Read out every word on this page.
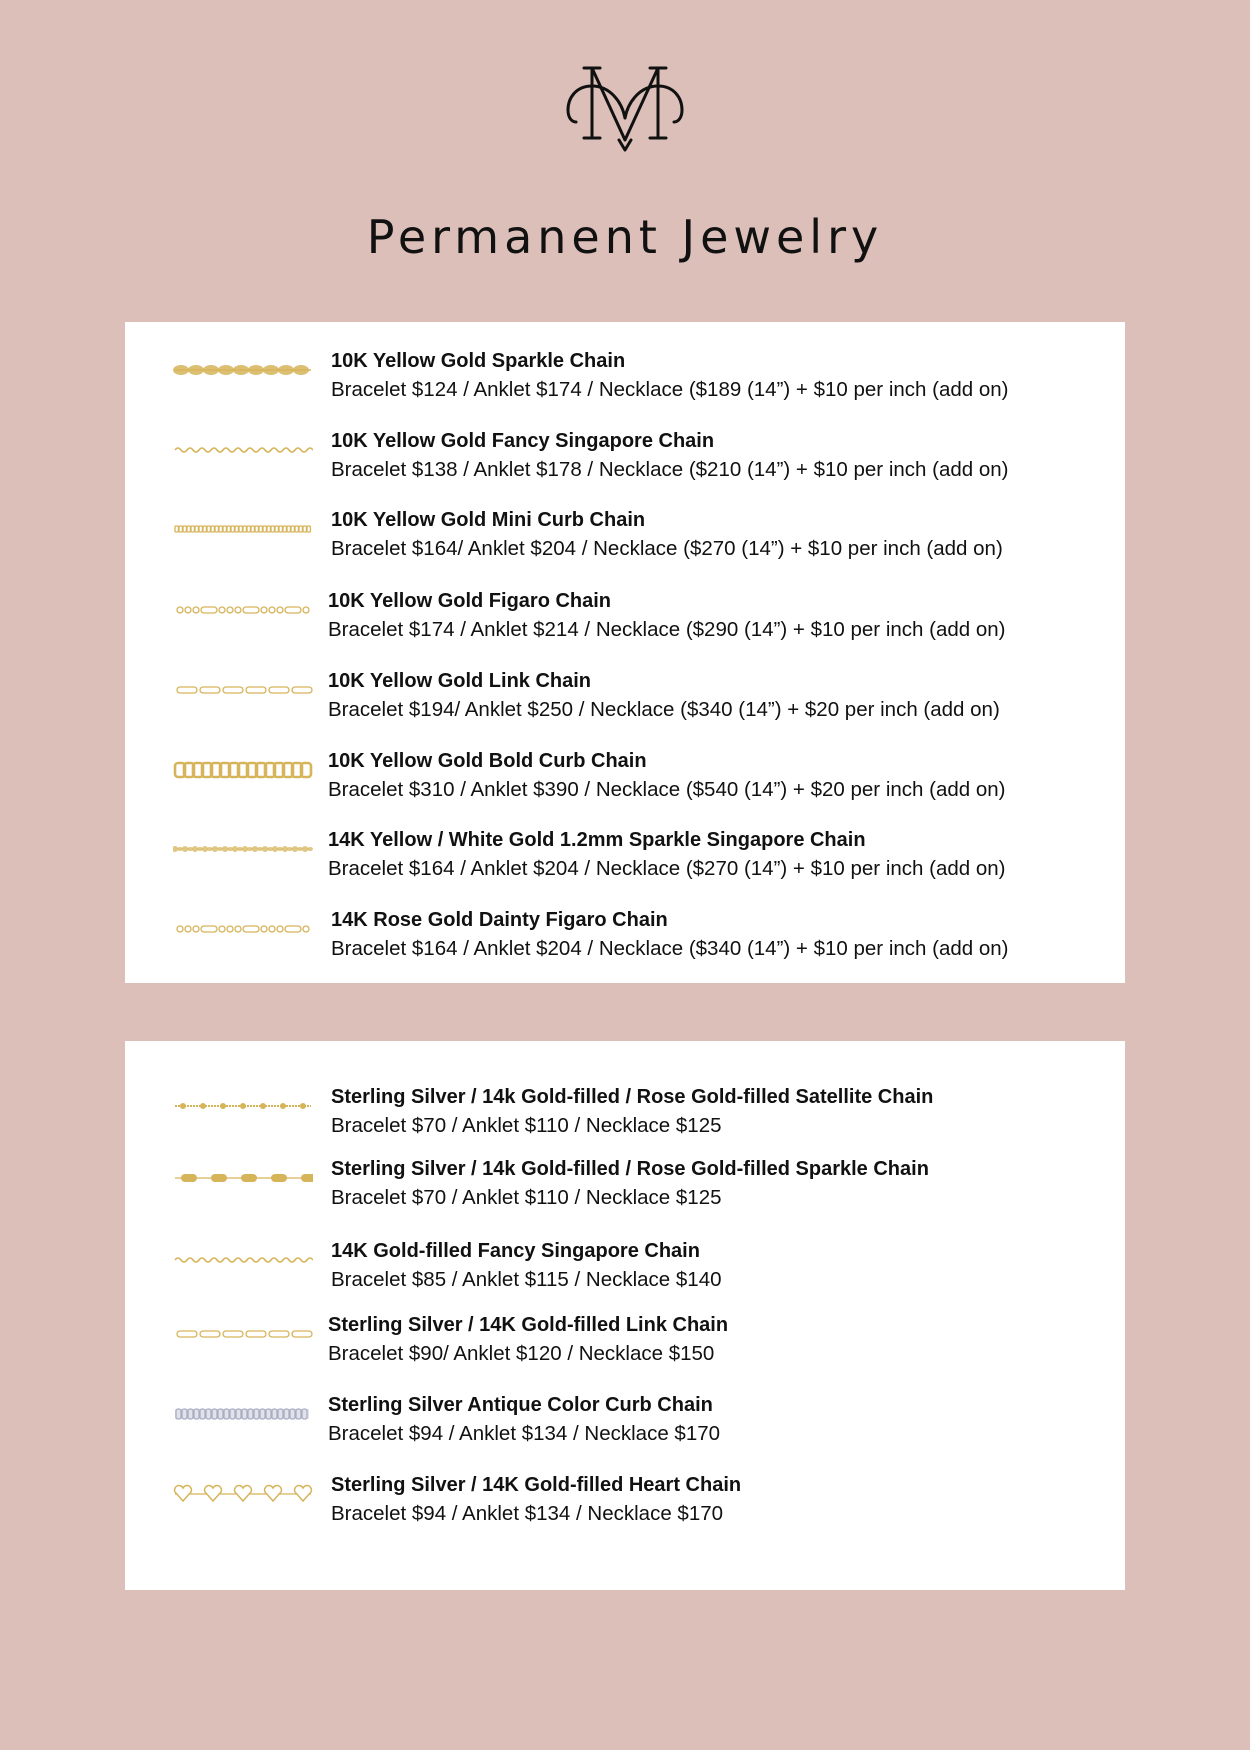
Permanent Jewelry
10K Yellow Gold Sparkle Chain
Bracelet $124 / Anklet $174 / Necklace ($189 (14”) + $10 per inch (add on)
10K Yellow Gold Fancy Singapore Chain
Bracelet $138 / Anklet $178 / Necklace ($210 (14”) + $10 per inch (add on)
10K Yellow Gold Mini Curb Chain
Bracelet $164/ Anklet $204 / Necklace ($270 (14”) + $10 per inch (add on)
10K Yellow Gold Figaro Chain
Bracelet $174 / Anklet $214 / Necklace ($290 (14”) + $10 per inch (add on)
10K Yellow Gold Link Chain
Bracelet $194/ Anklet $250 / Necklace ($340 (14”) + $20 per inch (add on)
10K Yellow Gold Bold Curb Chain
Bracelet $310 / Anklet $390 / Necklace ($540 (14”) + $20 per inch (add on)
14K Yellow / White Gold 1.2mm Sparkle Singapore Chain
Bracelet $164 / Anklet $204 / Necklace ($270 (14”) + $10 per inch (add on)
14K Rose Gold Dainty Figaro Chain
Bracelet $164 / Anklet $204 / Necklace ($340 (14”) + $10 per inch (add on)
Sterling Silver / 14k Gold-filled / Rose Gold-filled Satellite Chain
Bracelet $70 / Anklet $110 / Necklace $125
Sterling Silver / 14k Gold-filled / Rose Gold-filled Sparkle Chain
Bracelet $70 / Anklet $110 / Necklace $125
14K Gold-filled Fancy Singapore Chain
Bracelet $85 / Anklet $115 / Necklace $140
Sterling Silver / 14K Gold-filled Link Chain
Bracelet $90/ Anklet $120 / Necklace $150
Sterling Silver Antique Color Curb Chain
Bracelet $94 / Anklet $134 / Necklace $170
Sterling Silver / 14K Gold-filled Heart Chain
Bracelet $94 / Anklet $134 / Necklace $170
